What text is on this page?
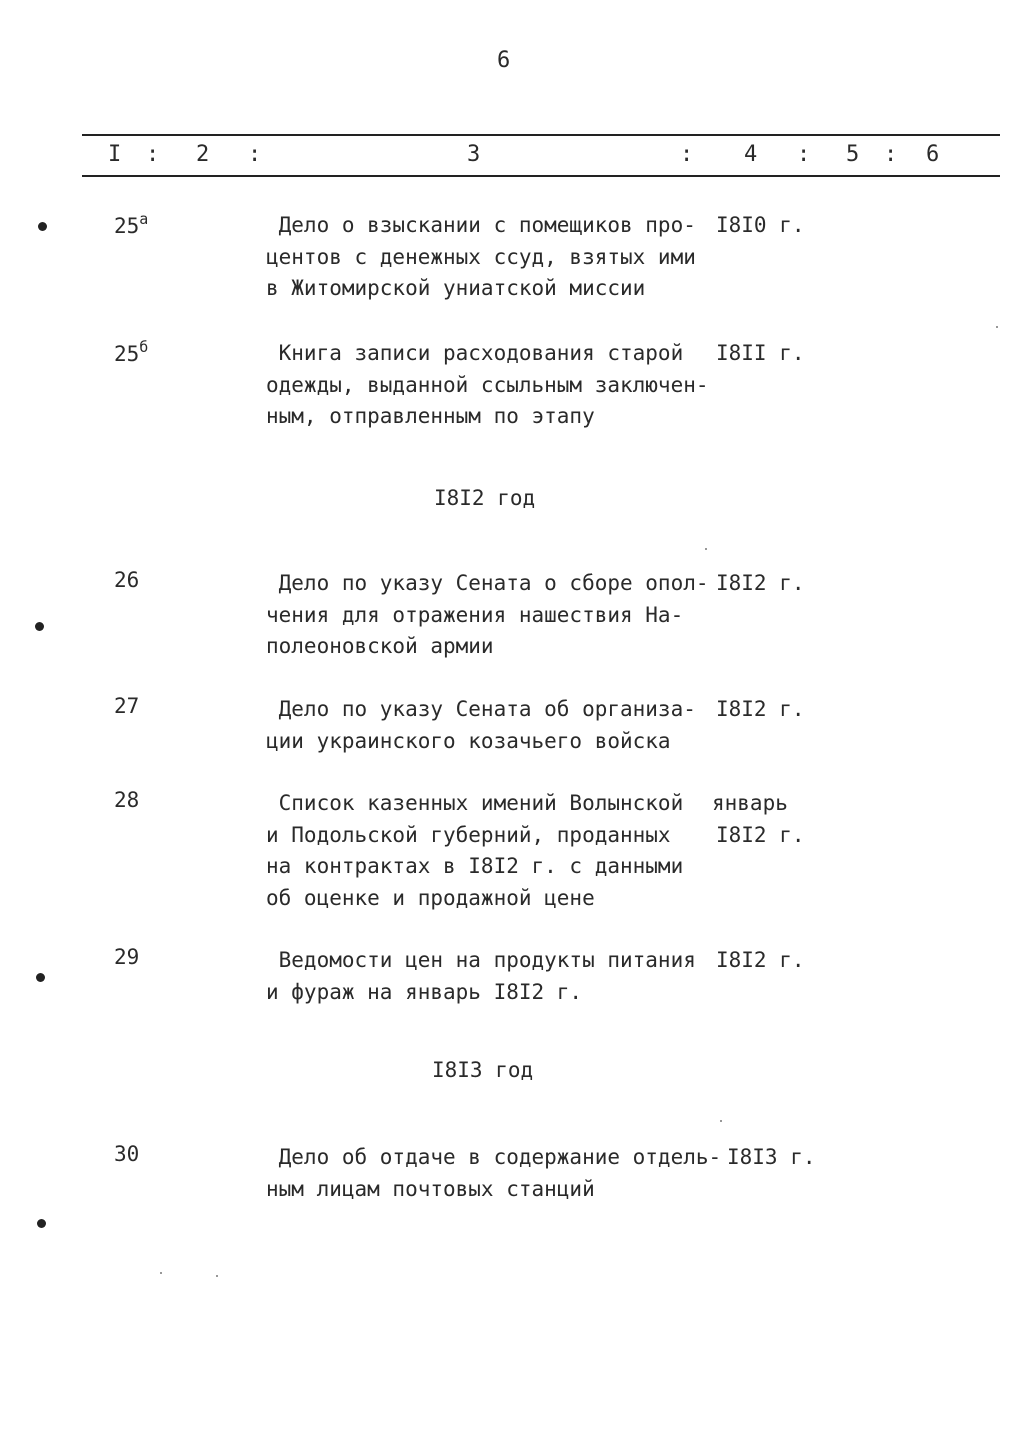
6
I : 2 :	3	: 4 : 5 : 6
$25^а$	Дело о взыскании с помещиков про-
центов с денежных ссуд, взятых ими
в Житомирской униатской миссии
I8I0 г.
$25^б$	Книга записи расходования старой
одежды, выданной ссыльным заключен-
ным, отправленным по этапу
I8II г.
I8I2 год
26	Дело по указу Сената о сборе опол-
чения для отражения нашествия На-
полеоновской армии
I8I2 г.
27	Дело по указу Сената об организа-
ции украинского козачьего войска
I8I2 г.
28	Список казенных имений Волынской
и Подольской губерний, проданных
на контрактах в I8I2 г. с данными
об оценке и продажной цене
январь
I8I2 г.
29	Ведомости цен на продукты питания
и фураж на январь I8I2 г.
I8I2 г.
I8I3 год
30	Дело об отдаче в содержание отдель-
ным лицам почтовых станций
I8I3 г.
